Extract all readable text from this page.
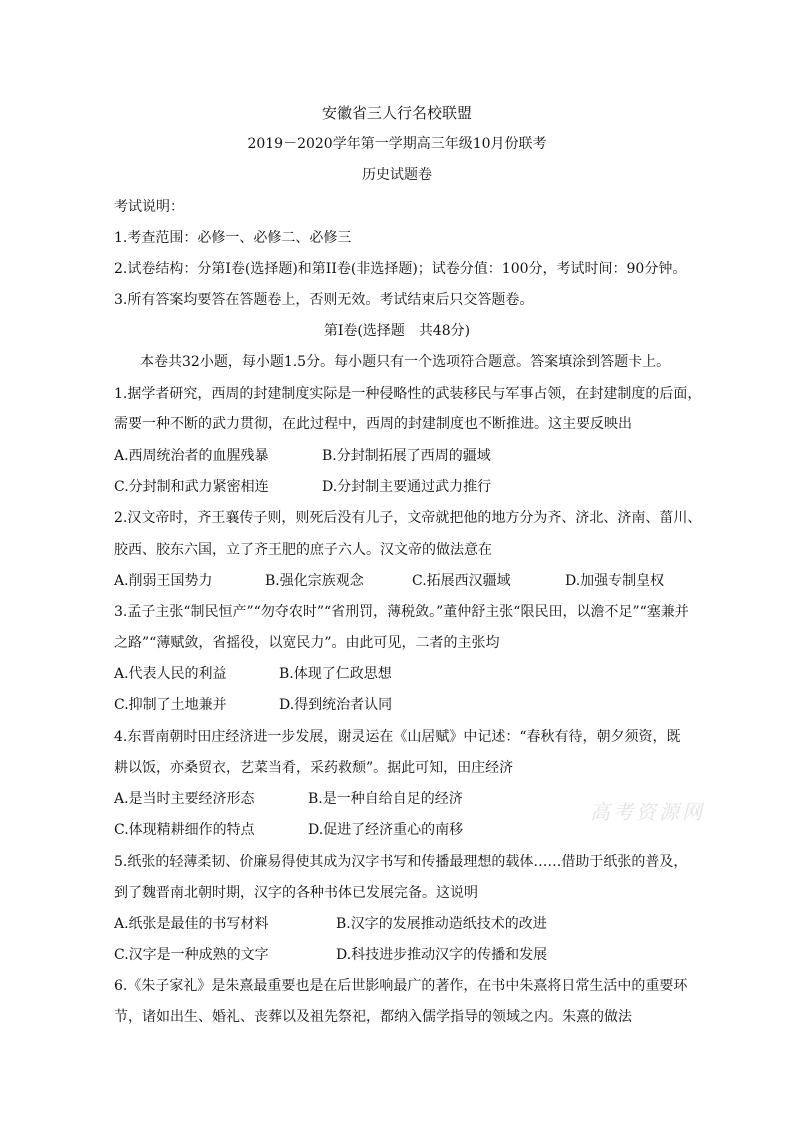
安徽省三人行名校联盟
2019－2020学年第一学期高三年级10月份联考
历史试题卷
考试说明：
1.考查范围：必修一、必修二、必修三
2.试卷结构：分第I卷(选择题)和第II卷(非选择题)；试卷分值：100分，考试时间：90分钟。
3.所有答案均要答在答题卷上，否则无效。考试结束后只交答题卷。
第I卷(选择题　共48分)
本卷共32小题，每小题1.5分。每小题只有一个选项符合题意。答案填涂到答题卡上。
1.据学者研究，西周的封建制度实际是一种侵略性的武装移民与军事占领，在封建制度的后面，
需要一种不断的武力贯彻，在此过程中，西周的封建制度也不断推进。这主要反映出
A.西周统治者的血腥残暴	B.分封制拓展了西周的疆域
C.分封制和武力紧密相连	D.分封制主要通过武力推行
2.汉文帝时，齐王襄传子则，则死后没有儿子，文帝就把他的地方分为齐、济北、济南、菑川、
胶西、胶东六国，立了齐王肥的庶子六人。汉文帝的做法意在
A.削弱王国势力	B.强化宗族观念	C.拓展西汉疆域	D.加强专制皇权
3.孟子主张“制民恒产”“勿夺农时”“省刑罚，薄税敛。”董仲舒主张“限民田，以澹不足”“塞兼并
之路”“薄赋敛，省摇役，以宽民力”。由此可见，二者的主张均
A.代表人民的利益	B.体现了仁政思想
C.抑制了土地兼并	D.得到统治者认同
4.东晋南朝时田庄经济进一步发展，谢灵运在《山居赋》中记述：“春秋有待，朝夕须资，既
耕以饭，亦桑贸衣，艺菜当肴，采药救颓”。据此可知，田庄经济
A.是当时主要经济形态	B.是一种自给自足的经济
C.体现精耕细作的特点	D.促进了经济重心的南移
5.纸张的轻薄柔韧、价廉易得使其成为汉字书写和传播最理想的载体……借助于纸张的普及，
到了魏晋南北朝时期，汉字的各种书体已发展完备。这说明
A.纸张是最佳的书写材料	B.汉字的发展推动造纸技术的改进
C.汉字是一种成熟的文字	D.科技进步推动汉字的传播和发展
6.《朱子家礼》是朱熹最重要也是在后世影响最广的著作，在书中朱熹将日常生活中的重要环
节，诸如出生、婚礼、丧葬以及祖先祭祀，都纳入儒学指导的领域之内。朱熹的做法
高考资源网
